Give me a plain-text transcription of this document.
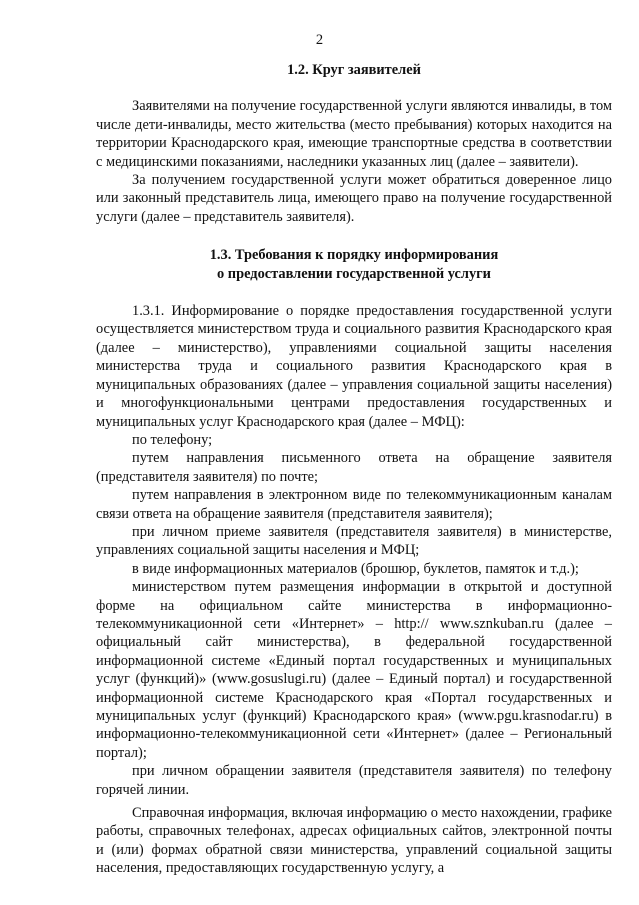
2
1.2. Круг заявителей

Заявителями на получение государственной услуги являются инвалиды, в том числе дети-инвалиды, место жительства (место пребывания) которых находится на территории Краснодарского края, имеющие транспортные средства в соответствии с медицинскими показаниями, наследники указанных лиц (далее – заявители).

За получением государственной услуги может обратиться доверенное лицо или законный представитель лица, имеющего право на получение государственной услуги (далее – представитель заявителя).

1.3. Требования к порядку информирования
о предоставлении государственной услуги

1.3.1. Информирование о порядке предоставления государственной услуги осуществляется министерством труда и социального развития Краснодарского края (далее – министерство), управлениями социальной защиты населения министерства труда и социального развития Краснодарского края в муниципальных образованиях (далее – управления социальной защиты населения) и многофункциональными центрами предоставления государственных и муниципальных услуг Краснодарского края (далее – МФЦ):

по телефону;

путем направления письменного ответа на обращение заявителя (представителя заявителя) по почте;

путем направления в электронном виде по телекоммуникационным каналам связи ответа на обращение заявителя (представителя заявителя);

при личном приеме заявителя (представителя заявителя) в министерстве, управлениях социальной защиты населения и МФЦ;

в виде информационных материалов (брошюр, буклетов, памяток и т.д.);

министерством путем размещения информации в открытой и доступной форме на официальном сайте министерства в информационно-телекоммуникационной сети «Интернет» – http:// www.sznkuban.ru (далее – официальный сайт министерства), в федеральной государственной информационной системе «Единый портал государственных и муниципальных услуг (функций)» (www.gosuslugi.ru) (далее – Единый портал) и государственной информационной системе Краснодарского края «Портал государственных и муниципальных услуг (функций) Краснодарского края» (www.pgu.krasnodar.ru) в информационно-телекоммуникационной сети «Интернет» (далее – Региональный портал);

при личном обращении заявителя (представителя заявителя) по телефону горячей линии.

Справочная информация, включая информацию о место нахождении, графике работы, справочных телефонах, адресах официальных сайтов, электронной почты и (или) формах обратной связи министерства, управлений социальной защиты населения, предоставляющих государственную услугу, а
